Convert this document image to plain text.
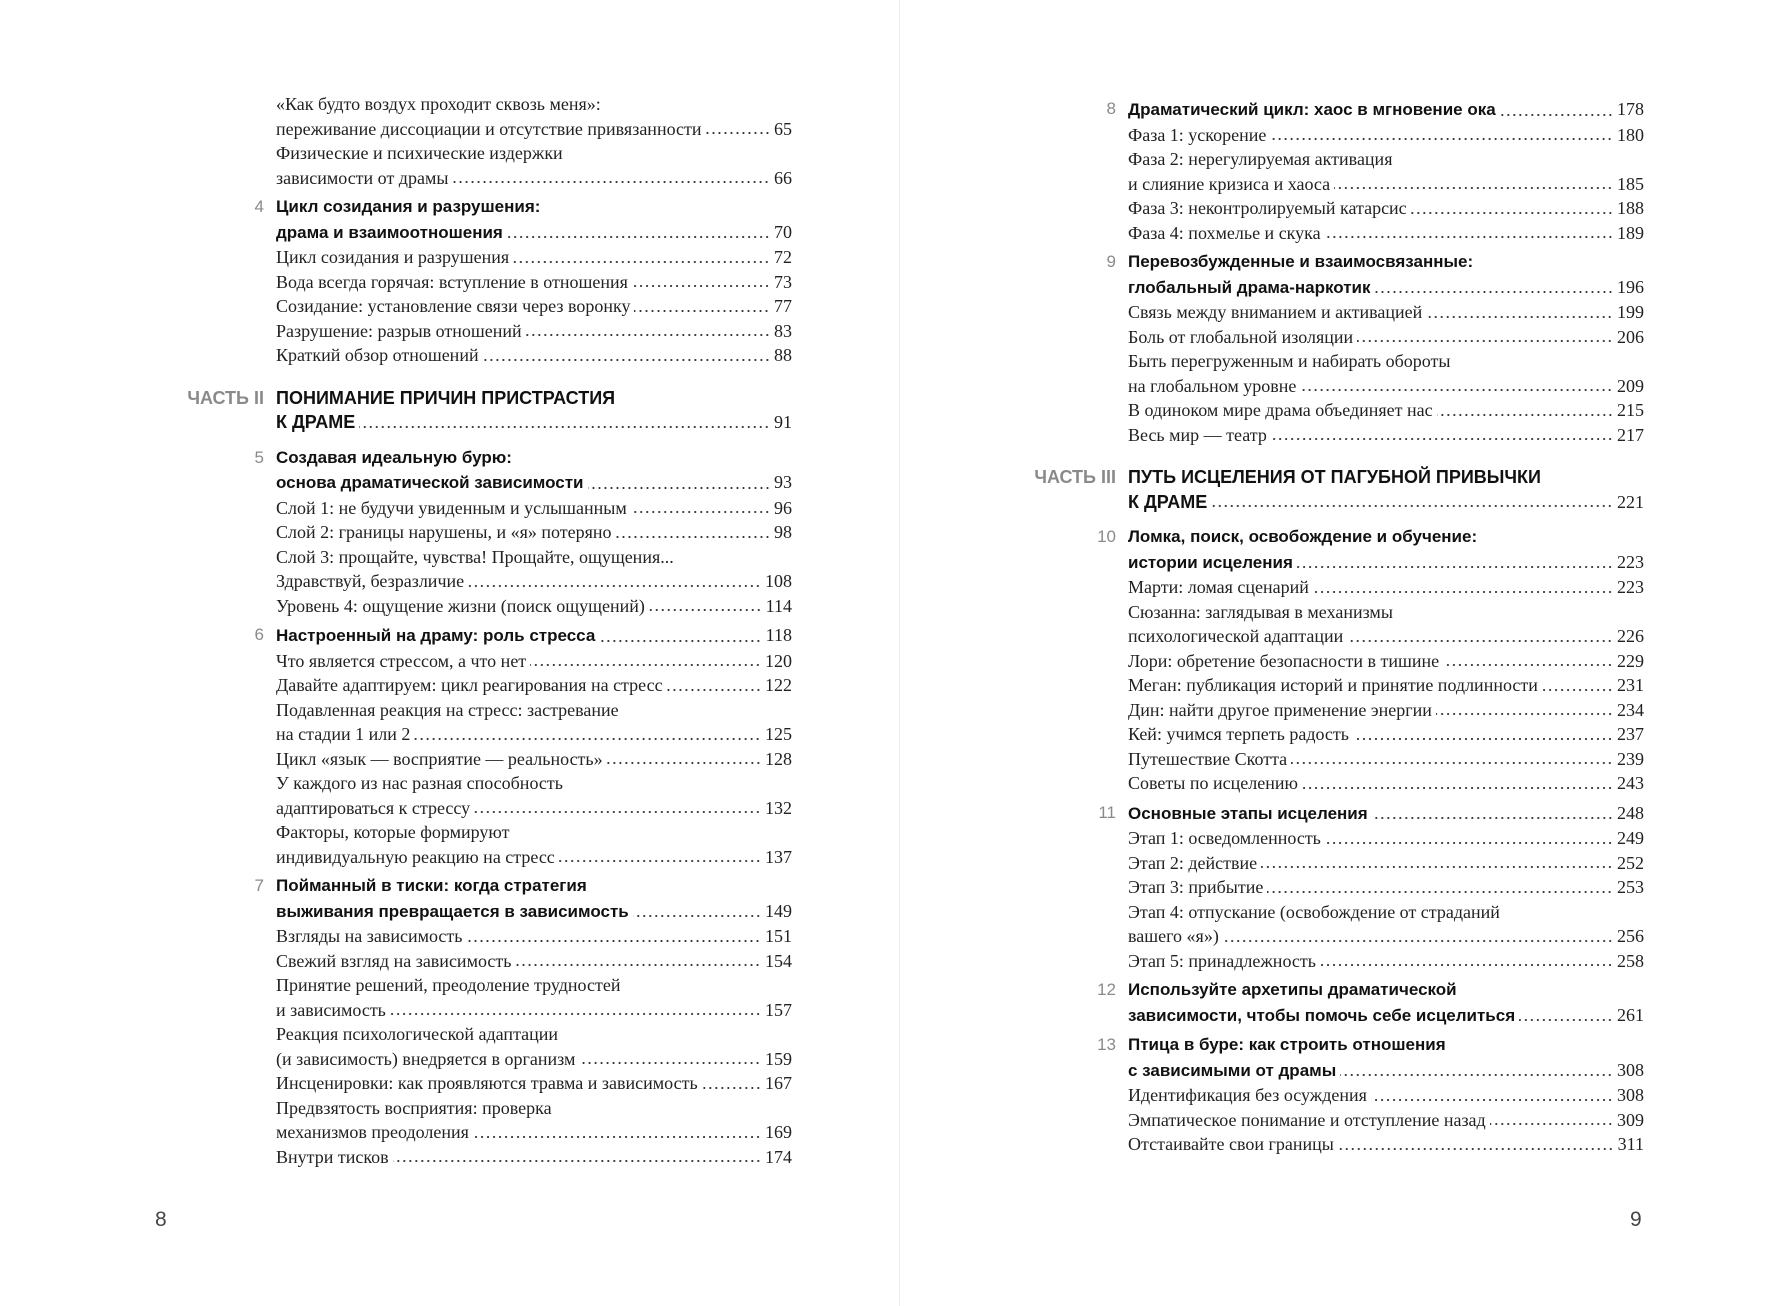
«Как будто воздух проходит сквозь меня»:
переживание диссоциации и отсутствие привязанности	65
Физические и психические издержки
зависимости от драмы	66
4 Цикл созидания и разрушения:
драма и взаимоотношения	70
Цикл созидания и разрушения	72
Вода всегда горячая: вступление в отношения	73
Созидание: установление связи через воронку	77
Разрушение: разрыв отношений	83
Краткий обзор отношений	88
ЧАСТЬ II ПОНИМАНИЕ ПРИЧИН ПРИСТРАСТИЯ
К ДРАМЕ	91
5 Создавая идеальную бурю:
основа драматической зависимости	93
Слой 1: не будучи увиденным и услышанным	96
Слой 2: границы нарушены, и «я» потеряно	98
Слой 3: прощайте, чувства! Прощайте, ощущения...
Здравствуй, безразличие	108
Уровень 4: ощущение жизни (поиск ощущений)	114
6 Настроенный на драму: роль стресса	118
Что является стрессом, а что нет	120
Давайте адаптируем: цикл реагирования на стресс	122
Подавленная реакция на стресс: застревание
на стадии 1 или 2	125
Цикл «язык — восприятие — реальность»	128
У каждого из нас разная способность
адаптироваться к стрессу	132
Факторы, которые формируют
индивидуальную реакцию на стресс	137
7 Пойманный в тиски: когда стратегия
выживания превращается в зависимость	149
Взгляды на зависимость	151
Свежий взгляд на зависимость	154
Принятие решений, преодоление трудностей
и зависимость	157
Реакция психологической адаптации
(и зависимость) внедряется в организм	159
Инсценировки: как проявляются травма и зависимость	167
Предвзятость восприятия: проверка
механизмов преодоления	169
Внутри тисков	174
8
8 Драматический цикл: хаос в мгновение ока	178
Фаза 1: ускорение	180
Фаза 2: нерегулируемая активация
и слияние кризиса и хаоса	185
Фаза 3: неконтролируемый катарсис	188
Фаза 4: похмелье и скука	189
9 Перевозбужденные и взаимосвязанные:
глобальный драма-наркотик	196
Связь между вниманием и активацией	199
Боль от глобальной изоляции	206
Быть перегруженным и набирать обороты
на глобальном уровне	209
В одиноком мире драма объединяет нас	215
Весь мир — театр	217
ЧАСТЬ III ПУТЬ ИСЦЕЛЕНИЯ ОТ ПАГУБНОЙ ПРИВЫЧКИ
К ДРАМЕ	221
10 Ломка, поиск, освобождение и обучение:
истории исцеления	223
Марти: ломая сценарий	223
Сюзанна: заглядывая в механизмы
психологической адаптации	226
Лори: обретение безопасности в тишине	229
Меган: публикация историй и принятие подлинности	231
Дин: найти другое применение энергии	234
Кей: учимся терпеть радость	237
Путешествие Скотта	239
Советы по исцелению	243
11 Основные этапы исцеления	248
Этап 1: осведомленность	249
Этап 2: действие	252
Этап 3: прибытие	253
Этап 4: отпускание (освобождение от страданий
вашего «я»)	256
Этап 5: принадлежность	258
12 Используйте архетипы драматической
зависимости, чтобы помочь себе исцелиться	261
13 Птица в буре: как строить отношения
с зависимыми от драмы	308
Идентификация без осуждения	308
Эмпатическое понимание и отступление назад	309
Отстаивайте свои границы	311
9
